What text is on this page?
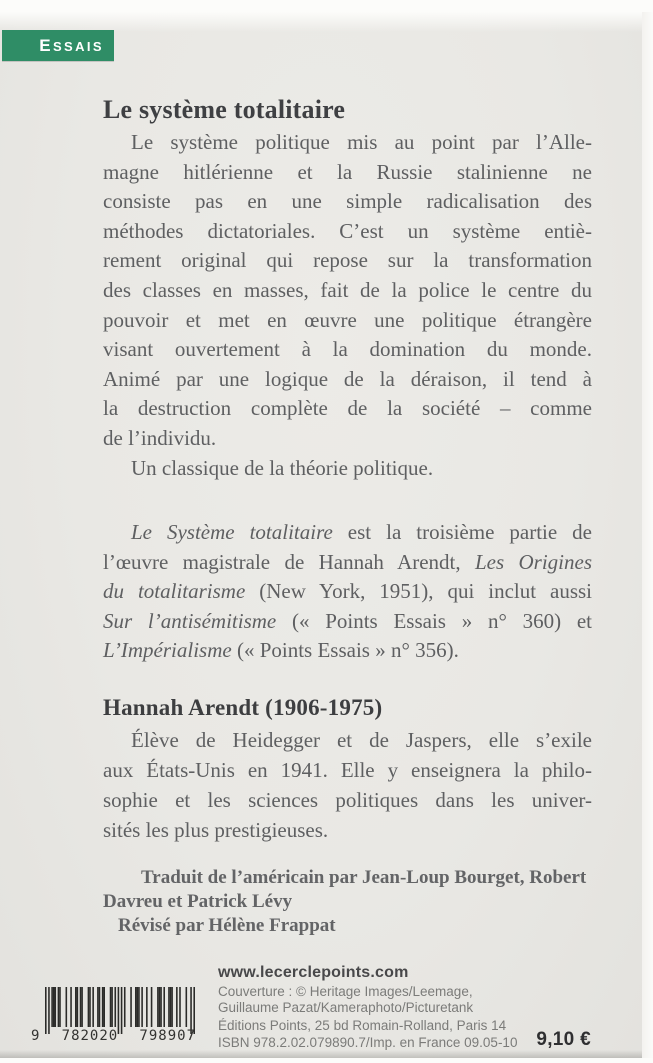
ESSAIS
Le système totalitaire
Le système politique mis au point par l’Alle-
magne hitlérienne et la Russie stalinienne ne
consiste pas en une simple radicalisation des
méthodes dictatoriales. C’est un système entiè-
rement original qui repose sur la transformation
des classes en masses, fait de la police le centre du
pouvoir et met en œuvre une politique étrangère
visant ouvertement à la domination du monde.
Animé par une logique de la déraison, il tend à
la destruction complète de la société – comme
de l’individu.
Un classique de la théorie politique.
Le Système totalitaire est la troisième partie de
l’œuvre magistrale de Hannah Arendt, Les Origines
du totalitarisme (New York, 1951), qui inclut aussi
Sur l’antisémitisme (« Points Essais » n° 360) et
L’Impérialisme (« Points Essais » n° 356).
Hannah Arendt (1906-1975)
Élève de Heidegger et de Jaspers, elle s’exile
aux États-Unis en 1941. Elle y enseignera la philo-
sophie et les sciences politiques dans les univer-
sités les plus prestigieuses.
Traduit de l’américain par Jean-Loup Bourget, Robert
Davreu et Patrick Lévy
Révisé par Hélène Frappat
www.lecerclepoints.com
Couverture : © Heritage Images/Leemage,
Guillaume Pazat/Kameraphoto/Picturetank
Éditions Points, 25 bd Romain-Rolland, Paris 14
ISBN 978.2.02.079890.7/Imp. en France 09.05-10 9,10 €
9 782020 798907
